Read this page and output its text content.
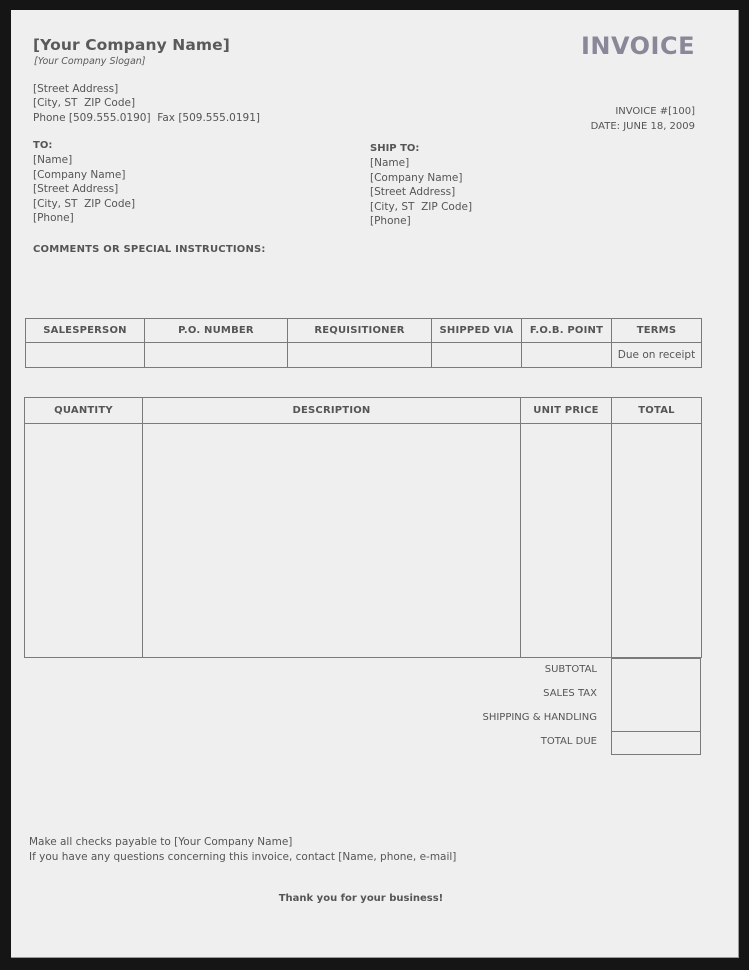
[Your Company Name]
[Your Company Slogan]
[Street Address]
[City, ST  ZIP Code]
Phone [509.555.0190] Fax [509.555.0191]
INVOICE
INVOICE #[100]
DATE: JUNE 18, 2009
TO:
[Name]
[Company Name]
[Street Address]
[City, ST  ZIP Code]
[Phone]
SHIP TO:
[Name]
[Company Name]
[Street Address]
[City, ST  ZIP Code]
[Phone]
COMMENTS OR SPECIAL INSTRUCTIONS:
SALESPERSON	P.O. NUMBER	REQUISITIONER	SHIPPED VIA	F.O.B. POINT	TERMS
					Due on receipt
QUANTITY	DESCRIPTION	UNIT PRICE	TOTAL

SUBTOTAL
SALES TAX
SHIPPING & HANDLING
TOTAL DUE
Make all checks payable to [Your Company Name]
If you have any questions concerning this invoice, contact [Name, phone, e-mail]
Thank you for your business!
